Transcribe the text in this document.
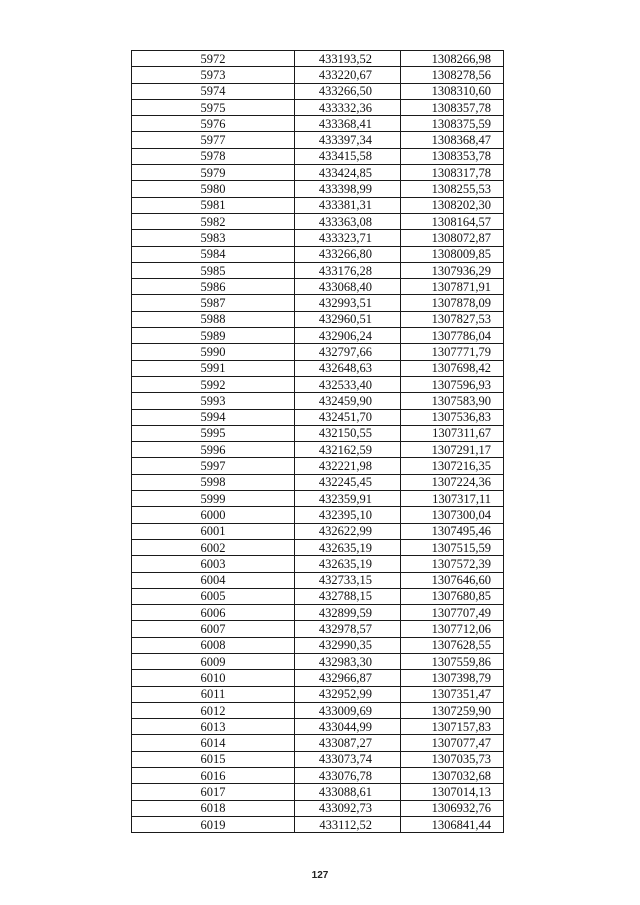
5972	433193,52	1308266,98
5973	433220,67	1308278,56
5974	433266,50	1308310,60
5975	433332,36	1308357,78
5976	433368,41	1308375,59
5977	433397,34	1308368,47
5978	433415,58	1308353,78
5979	433424,85	1308317,78
5980	433398,99	1308255,53
5981	433381,31	1308202,30
5982	433363,08	1308164,57
5983	433323,71	1308072,87
5984	433266,80	1308009,85
5985	433176,28	1307936,29
5986	433068,40	1307871,91
5987	432993,51	1307878,09
5988	432960,51	1307827,53
5989	432906,24	1307786,04
5990	432797,66	1307771,79
5991	432648,63	1307698,42
5992	432533,40	1307596,93
5993	432459,90	1307583,90
5994	432451,70	1307536,83
5995	432150,55	1307311,67
5996	432162,59	1307291,17
5997	432221,98	1307216,35
5998	432245,45	1307224,36
5999	432359,91	1307317,11
6000	432395,10	1307300,04
6001	432622,99	1307495,46
6002	432635,19	1307515,59
6003	432635,19	1307572,39
6004	432733,15	1307646,60
6005	432788,15	1307680,85
6006	432899,59	1307707,49
6007	432978,57	1307712,06
6008	432990,35	1307628,55
6009	432983,30	1307559,86
6010	432966,87	1307398,79
6011	432952,99	1307351,47
6012	433009,69	1307259,90
6013	433044,99	1307157,83
6014	433087,27	1307077,47
6015	433073,74	1307035,73
6016	433076,78	1307032,68
6017	433088,61	1307014,13
6018	433092,73	1306932,76
6019	433112,52	1306841,44
127
